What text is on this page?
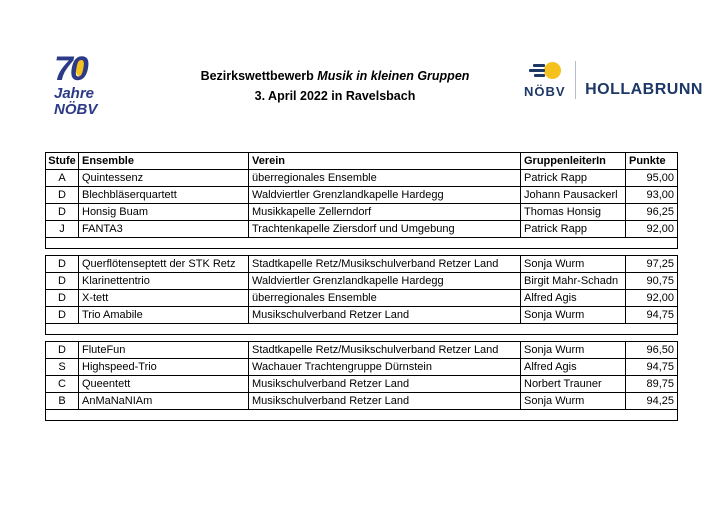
7
0
Jahre
NÖBV
Bezirkswettbewerb Musik in kleinen Gruppen
3. April 2022 in Ravelsbach	NÖBV HOLLABRUNN
Stufe	Ensemble	Verein	GruppenleiterIn	Punkte
A	Quintessenz	überregionales Ensemble	Patrick Rapp	95,00
D	Blechbläserquartett	Waldviertler Grenzlandkapelle Hardegg	Johann Pausackerl	93,00
D	Honsig Buam	Musikkapelle Zellerndorf	Thomas Honsig	96,25
J	FANTA3	Trachtenkapelle Ziersdorf und Umgebung	Patrick Rapp	92,00

D	Querflötenseptett der STK Retz	Stadtkapelle Retz/Musikschulverband Retzer Land	Sonja Wurm	97,25
D	Klarinettentrio	Waldviertler Grenzlandkapelle Hardegg	Birgit Mahr-Schadn	90,75
D	X-tett	überregionales Ensemble	Alfred Agis	92,00
D	Trio Amabile	Musikschulverband Retzer Land	Sonja Wurm	94,75

D	FluteFun	Stadtkapelle Retz/Musikschulverband Retzer Land	Sonja Wurm	96,50
S	Highspeed-Trio	Wachauer Trachtengruppe Dürnstein	Alfred Agis	94,75
C	Queentett	Musikschulverband Retzer Land	Norbert Trauner	89,75
B	AnMaNaNIAm	Musikschulverband Retzer Land	Sonja Wurm	94,25
